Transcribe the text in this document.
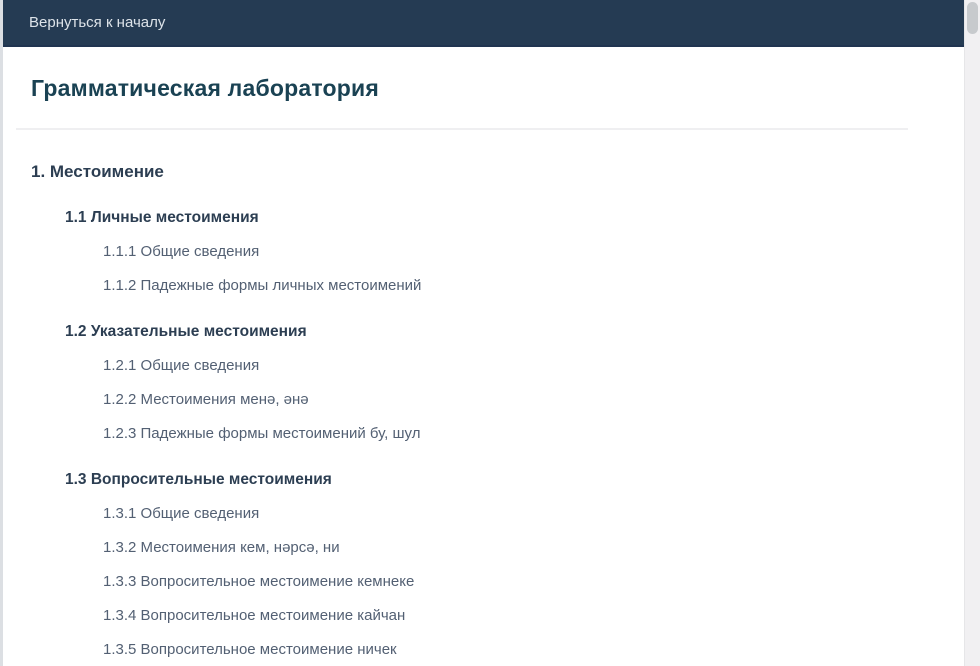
Вернуться к началу
Грамматическая лаборатория
1. Местоимение
1.1 Личные местоимения
1.1.1 Общие сведения
1.1.2 Падежные формы личных местоимений
1.2 Указательные местоимения
1.2.1 Общие сведения
1.2.2 Местоимения менә, әнә
1.2.3 Падежные формы местоимений бу, шул
1.3 Вопросительные местоимения
1.3.1 Общие сведения
1.3.2 Местоимения кем, нәрсә, ни
1.3.3 Вопросительное местоимение кемнеке
1.3.4 Вопросительное местоимение кайчан
1.3.5 Вопросительное местоимение ничек
